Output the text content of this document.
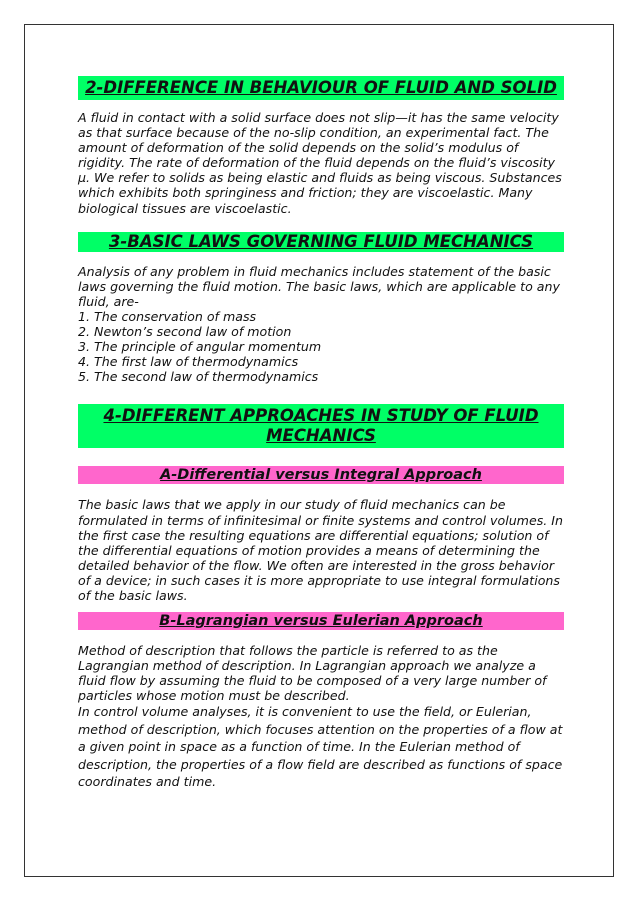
2-DIFFERENCE IN BEHAVIOUR OF FLUID AND SOLID

A fluid in contact with a solid surface does not slip—it has the same velocity as that surface because of the no-slip condition, an experimental fact. The amount of deformation of the solid depends on the solid’s modulus of rigidity. The rate of deformation of the fluid depends on the fluid’s viscosity μ. We refer to solids as being elastic and fluids as being viscous. Substances which exhibits both springiness and friction; they are viscoelastic. Many biological tissues are viscoelastic.

3-BASIC LAWS GOVERNING FLUID MECHANICS

Analysis of any problem in fluid mechanics includes statement of the basic laws governing the fluid motion. The basic laws, which are applicable to any fluid, are-

1. The conservation of mass
2. Newton’s second law of motion
3. The principle of angular momentum
4. The first law of thermodynamics
5. The second law of thermodynamics
4-DIFFERENT APPROACHES IN STUDY OF FLUID MECHANICS
A-Differential versus Integral Approach

The basic laws that we apply in our study of fluid mechanics can be formulated in terms of infinitesimal or finite systems and control volumes. In the first case the resulting equations are differential equations; solution of the differential equations of motion provides a means of determining the detailed behavior of the flow. We often are interested in the gross behavior of a device; in such cases it is more appropriate to use integral formulations of the basic laws.

B-Lagrangian versus Eulerian Approach

Method of description that follows the particle is referred to as the Lagrangian method of description. In Lagrangian approach we analyze a fluid flow by assuming the fluid to be composed of a very large number of particles whose motion must be described.

In control volume analyses, it is convenient to use the field, or Eulerian, method of description, which focuses attention on the properties of a flow at a given point in space as a function of time. In the Eulerian method of description, the properties of a flow field are described as functions of space coordinates and time.
